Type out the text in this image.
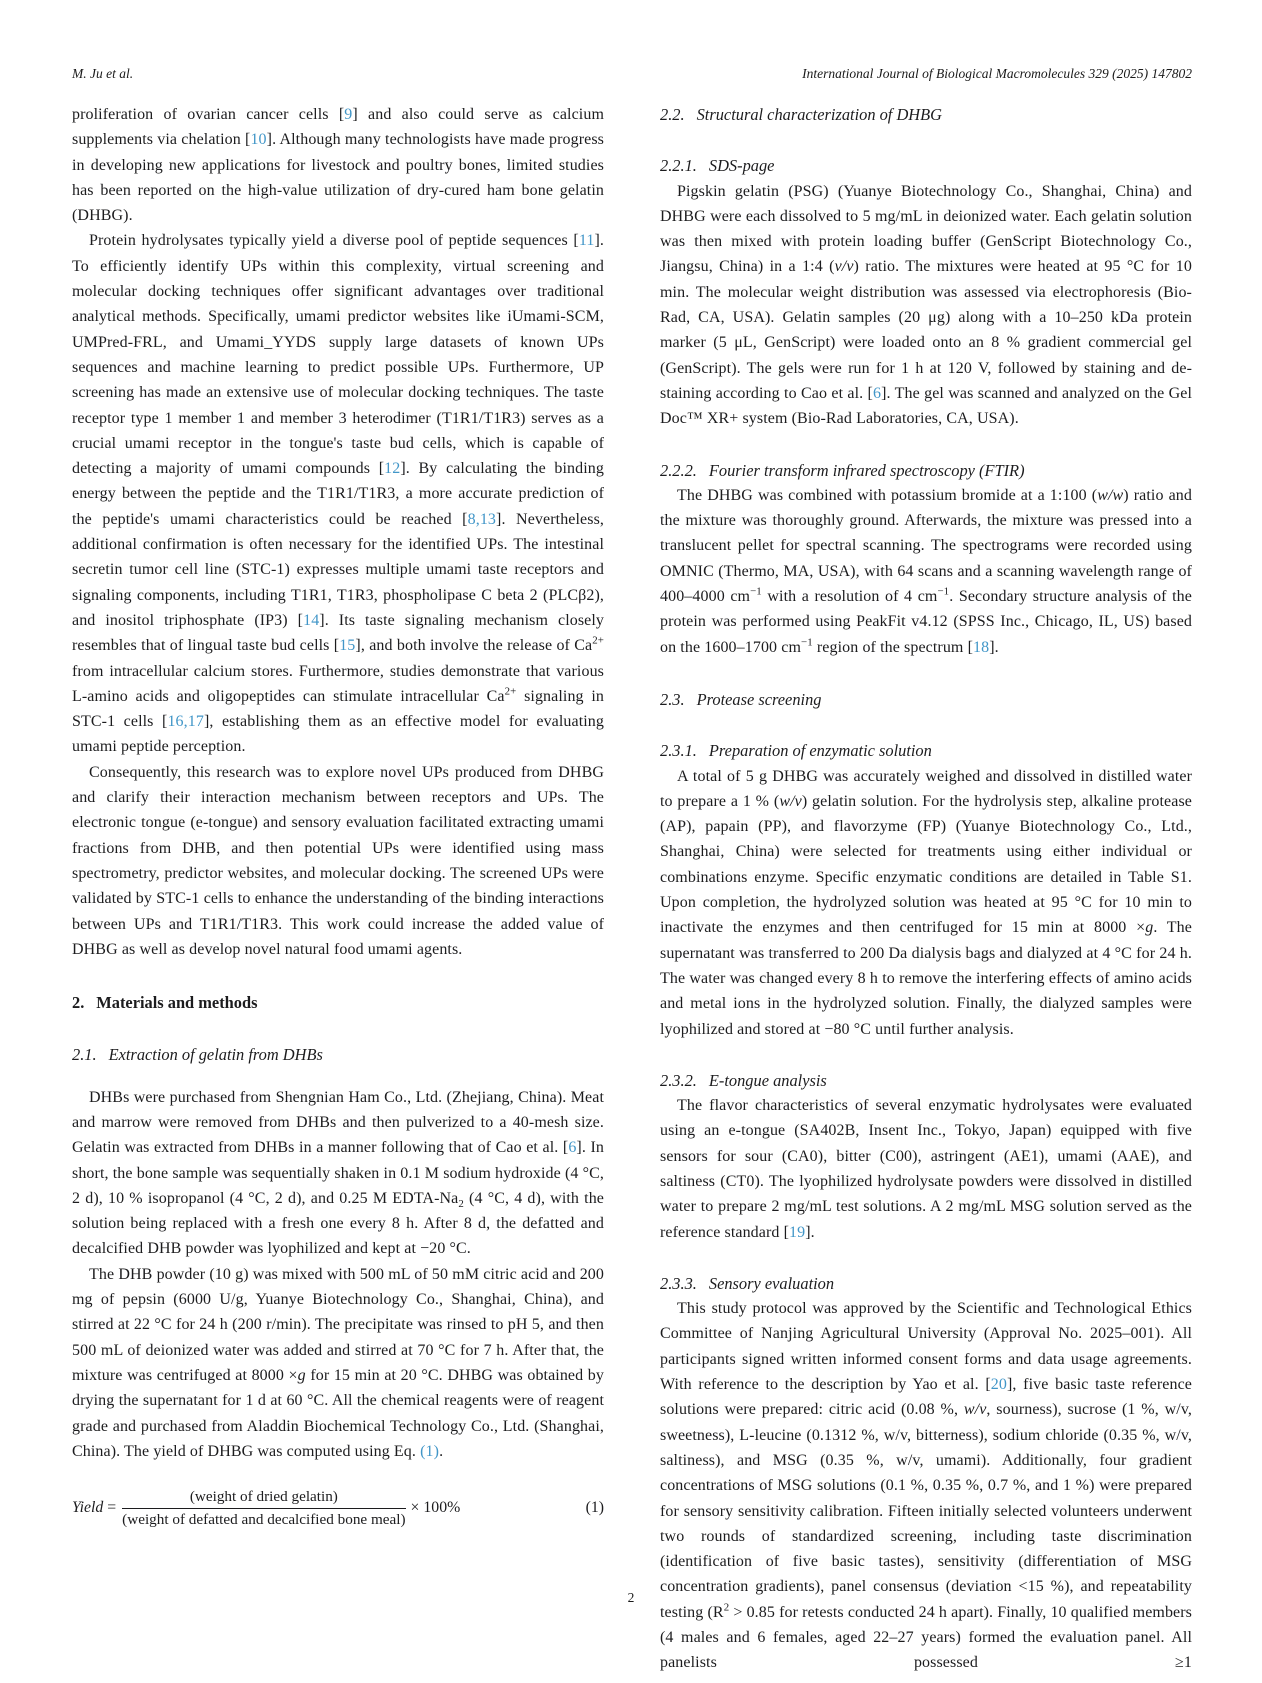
M. Ju et al.	International Journal of Biological Macromolecules 329 (2025) 147802

proliferation of ovarian cancer cells [9] and also could serve as calcium supplements via chelation [10]. Although many technologists have made progress in developing new applications for livestock and poultry bones, limited studies has been reported on the high-value utilization of dry-cured ham bone gelatin (DHBG).

Protein hydrolysates typically yield a diverse pool of peptide sequences [11]. To efficiently identify UPs within this complexity, virtual screening and molecular docking techniques offer significant advantages over traditional analytical methods. Specifically, umami predictor websites like iUmami-SCM, UMPred-FRL, and Umami_YYDS supply large datasets of known UPs sequences and machine learning to predict possible UPs. Furthermore, UP screening has made an extensive use of molecular docking techniques. The taste receptor type 1 member 1 and member 3 heterodimer (T1R1/T1R3) serves as a crucial umami receptor in the tongue's taste bud cells, which is capable of detecting a majority of umami compounds [12]. By calculating the binding energy between the peptide and the T1R1/T1R3, a more accurate prediction of the peptide's umami characteristics could be reached [8,13]. Nevertheless, additional confirmation is often necessary for the identified UPs. The intestinal secretin tumor cell line (STC-1) expresses multiple umami taste receptors and signaling components, including T1R1, T1R3, phospholipase C beta 2 (PLCβ2), and inositol triphosphate (IP3) [14]. Its taste signaling mechanism closely resembles that of lingual taste bud cells [15], and both involve the release of $Ca^{2+}$ from intracellular calcium stores. Furthermore, studies demonstrate that various L-amino acids and oligopeptides can stimulate intracellular $Ca^{2+}$ signaling in STC-1 cells [16,17], establishing them as an effective model for evaluating umami peptide perception.

Consequently, this research was to explore novel UPs produced from DHBG and clarify their interaction mechanism between receptors and UPs. The electronic tongue (e-tongue) and sensory evaluation facilitated extracting umami fractions from DHB, and then potential UPs were identified using mass spectrometry, predictor websites, and molecular docking. The screened UPs were validated by STC-1 cells to enhance the understanding of the binding interactions between UPs and T1R1/T1R3. This work could increase the added value of DHBG as well as develop novel natural food umami agents.

2. Materials and methods
2.1. Extraction of gelatin from DHBs

DHBs were purchased from Shengnian Ham Co., Ltd. (Zhejiang, China). Meat and marrow were removed from DHBs and then pulverized to a 40-mesh size. Gelatin was extracted from DHBs in a manner following that of Cao et al. [6]. In short, the bone sample was sequentially shaken in 0.1 M sodium hydroxide (4 °C, 2 d), 10 % isopropanol (4 °C, 2 d), and 0.25 M EDTA-$Na_2$ (4 °C, 4 d), with the solution being replaced with a fresh one every 8 h. After 8 d, the defatted and decalcified DHB powder was lyophilized and kept at −20 °C.

The DHB powder (10 g) was mixed with 500 mL of 50 mM citric acid and 200 mg of pepsin (6000 U/g, Yuanye Biotechnology Co., Shanghai, China), and stirred at 22 °C for 24 h (200 r/min). The precipitate was rinsed to pH 5, and then 500 mL of deionized water was added and stirred at 70 °C for 7 h. After that, the mixture was centrifuged at 8000 ×g for 15 min at 20 °C. DHBG was obtained by drying the supernatant for 1 d at 60 °C. All the chemical reagents were of reagent grade and purchased from Aladdin Biochemical Technology Co., Ltd. (Shanghai, China). The yield of DHBG was computed using Eq. (1).

Yield = $\frac{\text{(weight of dried gelatin)}}{\text{(weight of defatted and decalcified bone meal)}} \times 100\%$	(1)
2.2. Structural characterization of DHBG
2.2.1. SDS-page

Pigskin gelatin (PSG) (Yuanye Biotechnology Co., Shanghai, China) and DHBG were each dissolved to 5 mg/mL in deionized water. Each gelatin solution was then mixed with protein loading buffer (GenScript Biotechnology Co., Jiangsu, China) in a 1:4 (v/v) ratio. The mixtures were heated at 95 °C for 10 min. The molecular weight distribution was assessed via electrophoresis (Bio-Rad, CA, USA). Gelatin samples (20 μg) along with a 10–250 kDa protein marker (5 μL, GenScript) were loaded onto an 8 % gradient commercial gel (GenScript). The gels were run for 1 h at 120 V, followed by staining and de-staining according to Cao et al. [6]. The gel was scanned and analyzed on the Gel Doc™ XR+ system (Bio-Rad Laboratories, CA, USA).

2.2.2. Fourier transform infrared spectroscopy (FTIR)

The DHBG was combined with potassium bromide at a 1:100 (w/w) ratio and the mixture was thoroughly ground. Afterwards, the mixture was pressed into a translucent pellet for spectral scanning. The spectrograms were recorded using OMNIC (Thermo, MA, USA), with 64 scans and a scanning wavelength range of 400–4000 $cm^{-1}$ with a resolution of 4 $cm^{-1}$. Secondary structure analysis of the protein was performed using PeakFit v4.12 (SPSS Inc., Chicago, IL, US) based on the 1600–1700 $cm^{-1}$ region of the spectrum [18].

2.3. Protease screening
2.3.1. Preparation of enzymatic solution

A total of 5 g DHBG was accurately weighed and dissolved in distilled water to prepare a 1 % (w/v) gelatin solution. For the hydrolysis step, alkaline protease (AP), papain (PP), and flavorzyme (FP) (Yuanye Biotechnology Co., Ltd., Shanghai, China) were selected for treatments using either individual or combinations enzyme. Specific enzymatic conditions are detailed in Table S1. Upon completion, the hydrolyzed solution was heated at 95 °C for 10 min to inactivate the enzymes and then centrifuged for 15 min at 8000 ×g. The supernatant was transferred to 200 Da dialysis bags and dialyzed at 4 °C for 24 h. The water was changed every 8 h to remove the interfering effects of amino acids and metal ions in the hydrolyzed solution. Finally, the dialyzed samples were lyophilized and stored at −80 °C until further analysis.

2.3.2. E-tongue analysis

The flavor characteristics of several enzymatic hydrolysates were evaluated using an e-tongue (SA402B, Insent Inc., Tokyo, Japan) equipped with five sensors for sour (CA0), bitter (C00), astringent (AE1), umami (AAE), and saltiness (CT0). The lyophilized hydrolysate powders were dissolved in distilled water to prepare 2 mg/mL test solutions. A 2 mg/mL MSG solution served as the reference standard [19].

2.3.3. Sensory evaluation

This study protocol was approved by the Scientific and Technological Ethics Committee of Nanjing Agricultural University (Approval No. 2025–001). All participants signed written informed consent forms and data usage agreements. With reference to the description by Yao et al. [20], five basic taste reference solutions were prepared: citric acid (0.08 %, w/v, sourness), sucrose (1 %, w/v, sweetness), L-leucine (0.1312 %, w/v, bitterness), sodium chloride (0.35 %, w/v, saltiness), and MSG (0.35 %, w/v, umami). Additionally, four gradient concentrations of MSG solutions (0.1 %, 0.35 %, 0.7 %, and 1 %) were prepared for sensory sensitivity calibration. Fifteen initially selected volunteers underwent two rounds of standardized screening, including taste discrimination (identification of five basic tastes), sensitivity (differentiation of MSG concentration gradients), panel consensus (deviation <15 %), and repeatability testing ($R^2 > 0.85$ for retests conducted 24 h apart). Finally, 10 qualified members (4 males and 6 females, aged 22–27 years) formed the evaluation panel. All panelists possessed ≥1

2
